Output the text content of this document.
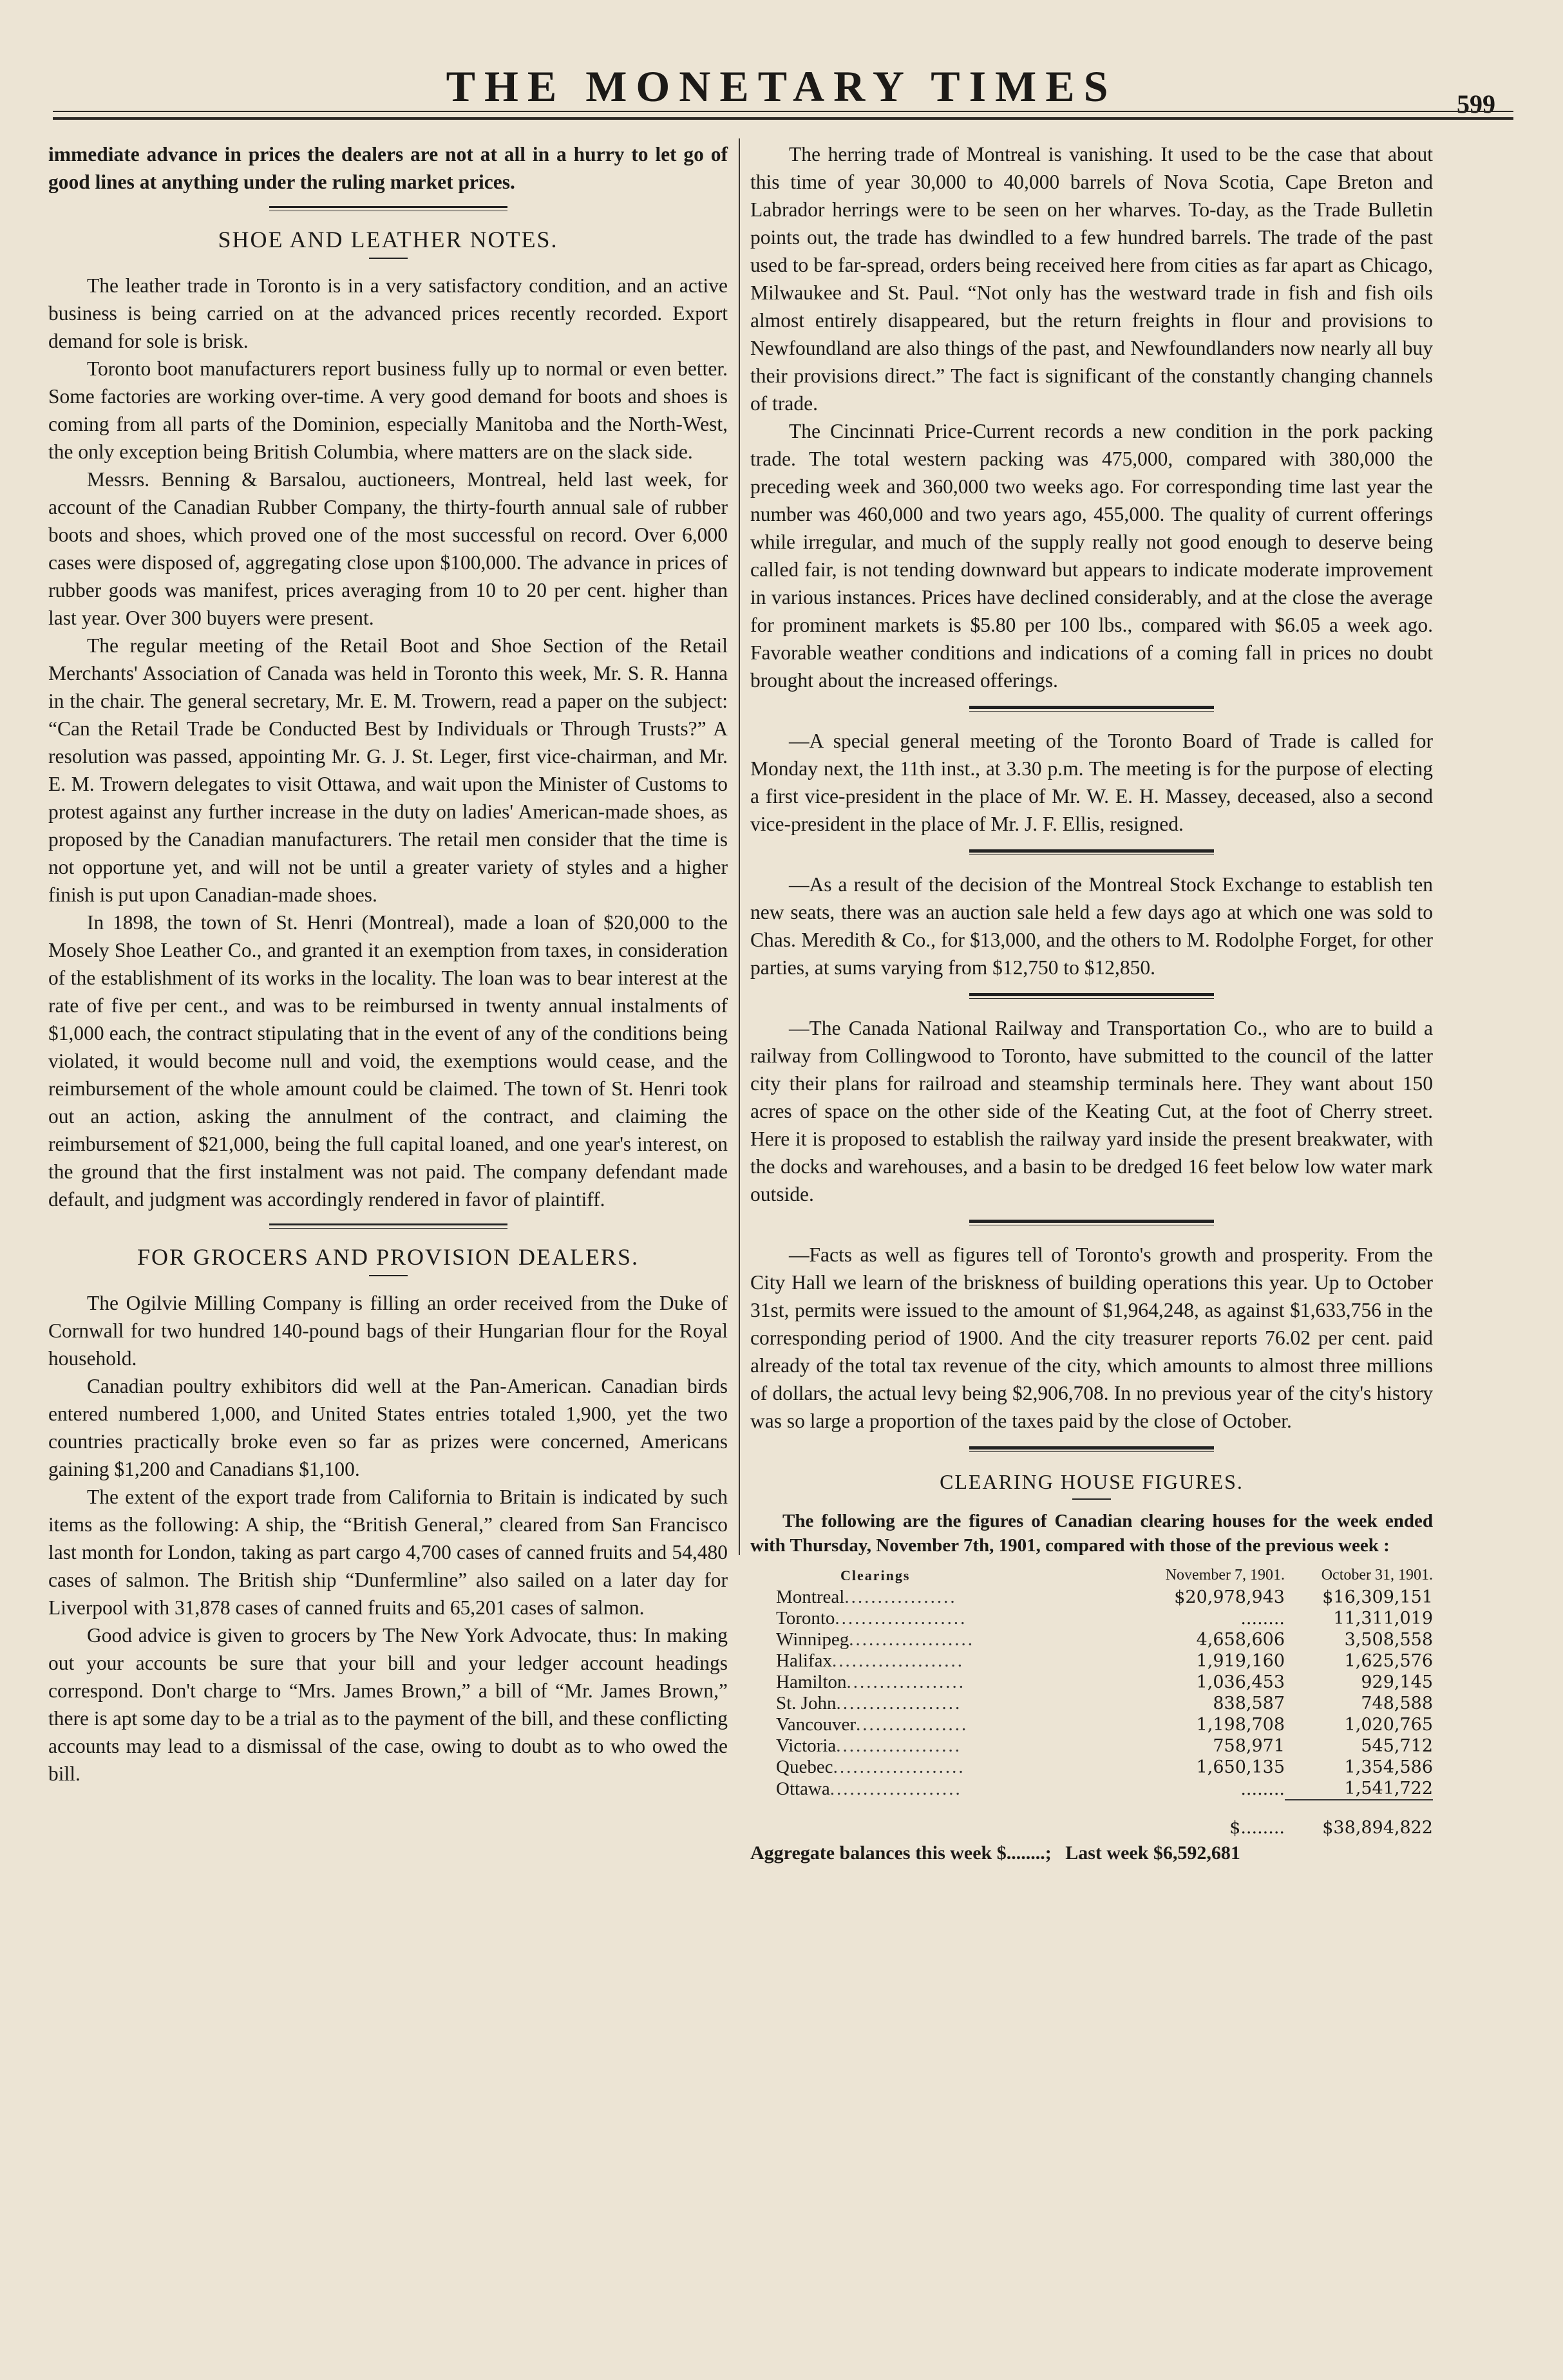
THE MONETARY TIMES	599

immediate advance in prices the dealers are not at all in a hurry to let go of good lines at anything under the ruling market prices.

SHOE AND LEATHER NOTES.

The leather trade in Toronto is in a very satisfactory condition, and an active business is being carried on at the advanced prices recently recorded. Export demand for sole is brisk.

Toronto boot manufacturers report business fully up to normal or even better. Some factories are working over-time. A very good demand for boots and shoes is coming from all parts of the Dominion, especially Manitoba and the North-West, the only exception being British Columbia, where matters are on the slack side.

Messrs. Benning & Barsalou, auctioneers, Montreal, held last week, for account of the Canadian Rubber Company, the thirty-fourth annual sale of rubber boots and shoes, which proved one of the most successful on record. Over 6,000 cases were disposed of, aggregating close upon $100,000. The advance in prices of rubber goods was manifest, prices averaging from 10 to 20 per cent. higher than last year. Over 300 buyers were present.

The regular meeting of the Retail Boot and Shoe Section of the Retail Merchants' Association of Canada was held in Toronto this week, Mr. S. R. Hanna in the chair. The general secretary, Mr. E. M. Trowern, read a paper on the subject: “Can the Retail Trade be Conducted Best by Individuals or Through Trusts?” A resolution was passed, appointing Mr. G. J. St. Leger, first vice-chairman, and Mr. E. M. Trowern delegates to visit Ottawa, and wait upon the Minister of Customs to protest against any further increase in the duty on ladies' American-made shoes, as proposed by the Canadian manufacturers. The retail men consider that the time is not opportune yet, and will not be until a greater variety of styles and a higher finish is put upon Canadian-made shoes.

In 1898, the town of St. Henri (Montreal), made a loan of $20,000 to the Mosely Shoe Leather Co., and granted it an exemption from taxes, in consideration of the establishment of its works in the locality. The loan was to bear interest at the rate of five per cent., and was to be reimbursed in twenty annual instalments of $1,000 each, the contract stipulating that in the event of any of the conditions being violated, it would become null and void, the exemptions would cease, and the reimbursement of the whole amount could be claimed. The town of St. Henri took out an action, asking the annulment of the contract, and claiming the reimbursement of $21,000, being the full capital loaned, and one year's interest, on the ground that the first instalment was not paid. The company defendant made default, and judgment was accordingly rendered in favor of plaintiff.

FOR GROCERS AND PROVISION DEALERS.

The Ogilvie Milling Company is filling an order received from the Duke of Cornwall for two hundred 140-pound bags of their Hungarian flour for the Royal household.

Canadian poultry exhibitors did well at the Pan-American. Canadian birds entered numbered 1,000, and United States entries totaled 1,900, yet the two countries practically broke even so far as prizes were concerned, Americans gaining $1,200 and Canadians $1,100.

The extent of the export trade from California to Britain is indicated by such items as the following: A ship, the “British General,” cleared from San Francisco last month for London, taking as part cargo 4,700 cases of canned fruits and 54,480 cases of salmon. The British ship “Dunfermline” also sailed on a later day for Liverpool with 31,878 cases of canned fruits and 65,201 cases of salmon.

Good advice is given to grocers by The New York Advocate, thus: In making out your accounts be sure that your bill and your ledger account headings correspond. Don't charge to “Mrs. James Brown,” a bill of “Mr. James Brown,” there is apt some day to be a trial as to the payment of the bill, and these conflicting accounts may lead to a dismissal of the case, owing to doubt as to who owed the bill.

The herring trade of Montreal is vanishing. It used to be the case that about this time of year 30,000 to 40,000 barrels of Nova Scotia, Cape Breton and Labrador herrings were to be seen on her wharves. To-day, as the Trade Bulletin points out, the trade has dwindled to a few hundred barrels. The trade of the past used to be far-spread, orders being received here from cities as far apart as Chicago, Milwaukee and St. Paul. “Not only has the westward trade in fish and fish oils almost entirely disappeared, but the return freights in flour and provisions to Newfoundland are also things of the past, and Newfoundlanders now nearly all buy their provisions direct.” The fact is significant of the constantly changing channels of trade.

The Cincinnati Price-Current records a new condition in the pork packing trade. The total western packing was 475,000, compared with 380,000 the preceding week and 360,000 two weeks ago. For corresponding time last year the number was 460,000 and two years ago, 455,000. The quality of current offerings while irregular, and much of the supply really not good enough to deserve being called fair, is not tending downward but appears to indicate moderate improvement in various instances. Prices have declined considerably, and at the close the average for prominent markets is $5.80 per 100 lbs., compared with $6.05 a week ago. Favorable weather conditions and indications of a coming fall in prices no doubt brought about the increased offerings.

—A special general meeting of the Toronto Board of Trade is called for Monday next, the 11th inst., at 3.30 p.m. The meeting is for the purpose of electing a first vice-president in the place of Mr. W. E. H. Massey, deceased, also a second vice-president in the place of Mr. J. F. Ellis, resigned.

—As a result of the decision of the Montreal Stock Exchange to establish ten new seats, there was an auction sale held a few days ago at which one was sold to Chas. Meredith & Co., for $13,000, and the others to M. Rodolphe Forget, for other parties, at sums varying from $12,750 to $12,850.

—The Canada National Railway and Transportation Co., who are to build a railway from Collingwood to Toronto, have submitted to the council of the latter city their plans for railroad and steamship terminals here. They want about 150 acres of space on the other side of the Keating Cut, at the foot of Cherry street. Here it is proposed to establish the railway yard inside the present breakwater, with the docks and warehouses, and a basin to be dredged 16 feet below low water mark outside.

—Facts as well as figures tell of Toronto's growth and prosperity. From the City Hall we learn of the briskness of building operations this year. Up to October 31st, permits were issued to the amount of $1,964,248, as against $1,633,756 in the corresponding period of 1900. And the city treasurer reports 76.02 per cent. paid already of the total tax revenue of the city, which amounts to almost three millions of dollars, the actual levy being $2,906,708. In no previous year of the city's history was so large a proportion of the taxes paid by the close of October.

CLEARING HOUSE FIGURES.

The following are the figures of Canadian clearing houses for the week ended with Thursday, November 7th, 1901, compared with those of the previous week :

Clearings	November 7, 1901.	October 31, 1901.
Montreal.................	$20,978,943	$16,309,151
Toronto....................	........	11,311,019
Winnipeg...................	4,658,606	3,508,558
Halifax....................	1,919,160	1,625,576
Hamilton..................	1,036,453	929,145
St. John...................	838,587	748,588
Vancouver.................	1,198,708	1,020,765
Victoria...................	758,971	545,712
Quebec....................	1,650,135	1,354,586
Ottawa....................	........	1,541,722
	$........	$38,894,822
Aggregate balances this week $........; Last week $6,592,681
